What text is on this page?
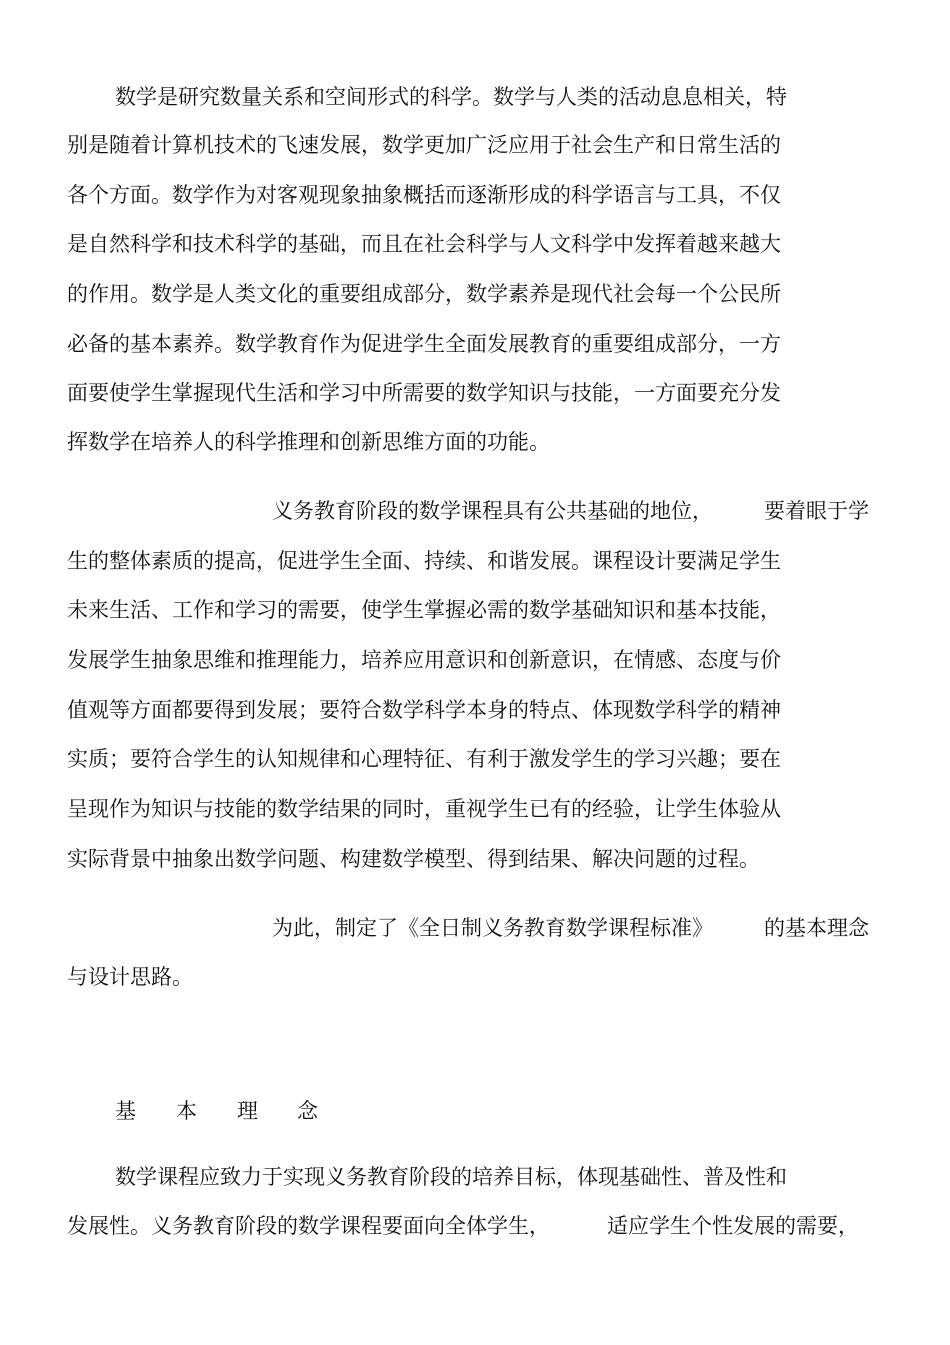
数学是研究数量关系和空间形式的科学。数学与人类的活动息息相关，特
别是随着计算机技术的飞速发展，数学更加广泛应用于社会生产和日常生活的
各个方面。数学作为对客观现象抽象概括而逐渐形成的科学语言与工具，不仅
是自然科学和技术科学的基础，而且在社会科学与人文科学中发挥着越来越大
的作用。数学是人类文化的重要组成部分，数学素养是现代社会每一个公民所
必备的基本素养。数学教育作为促进学生全面发展教育的重要组成部分，一方
面要使学生掌握现代生活和学习中所需要的数学知识与技能，一方面要充分发
挥数学在培养人的科学推理和创新思维方面的功能。
义务教育阶段的数学课程具有公共基础的地位， 要着眼于学
生的整体素质的提高，促进学生全面、持续、和谐发展。课程设计要满足学生
未来生活、工作和学习的需要，使学生掌握必需的数学基础知识和基本技能，
发展学生抽象思维和推理能力，培养应用意识和创新意识，在情感、态度与价
值观等方面都要得到发展；要符合数学科学本身的特点、体现数学科学的精神
实质；要符合学生的认知规律和心理特征、有利于激发学生的学习兴趣；要在
呈现作为知识与技能的数学结果的同时，重视学生已有的经验，让学生体验从
实际背景中抽象出数学问题、构建数学模型、得到结果、解决问题的过程。
为此，制定了《全日制义务教育数学课程标准》 的基本理念
与设计思路。
基 本 理 念
数学课程应致力于实现义务教育阶段的培养目标，体现基础性、普及性和
发展性。义务教育阶段的数学课程要面向全体学生，	适应学生个性发展的需要，
